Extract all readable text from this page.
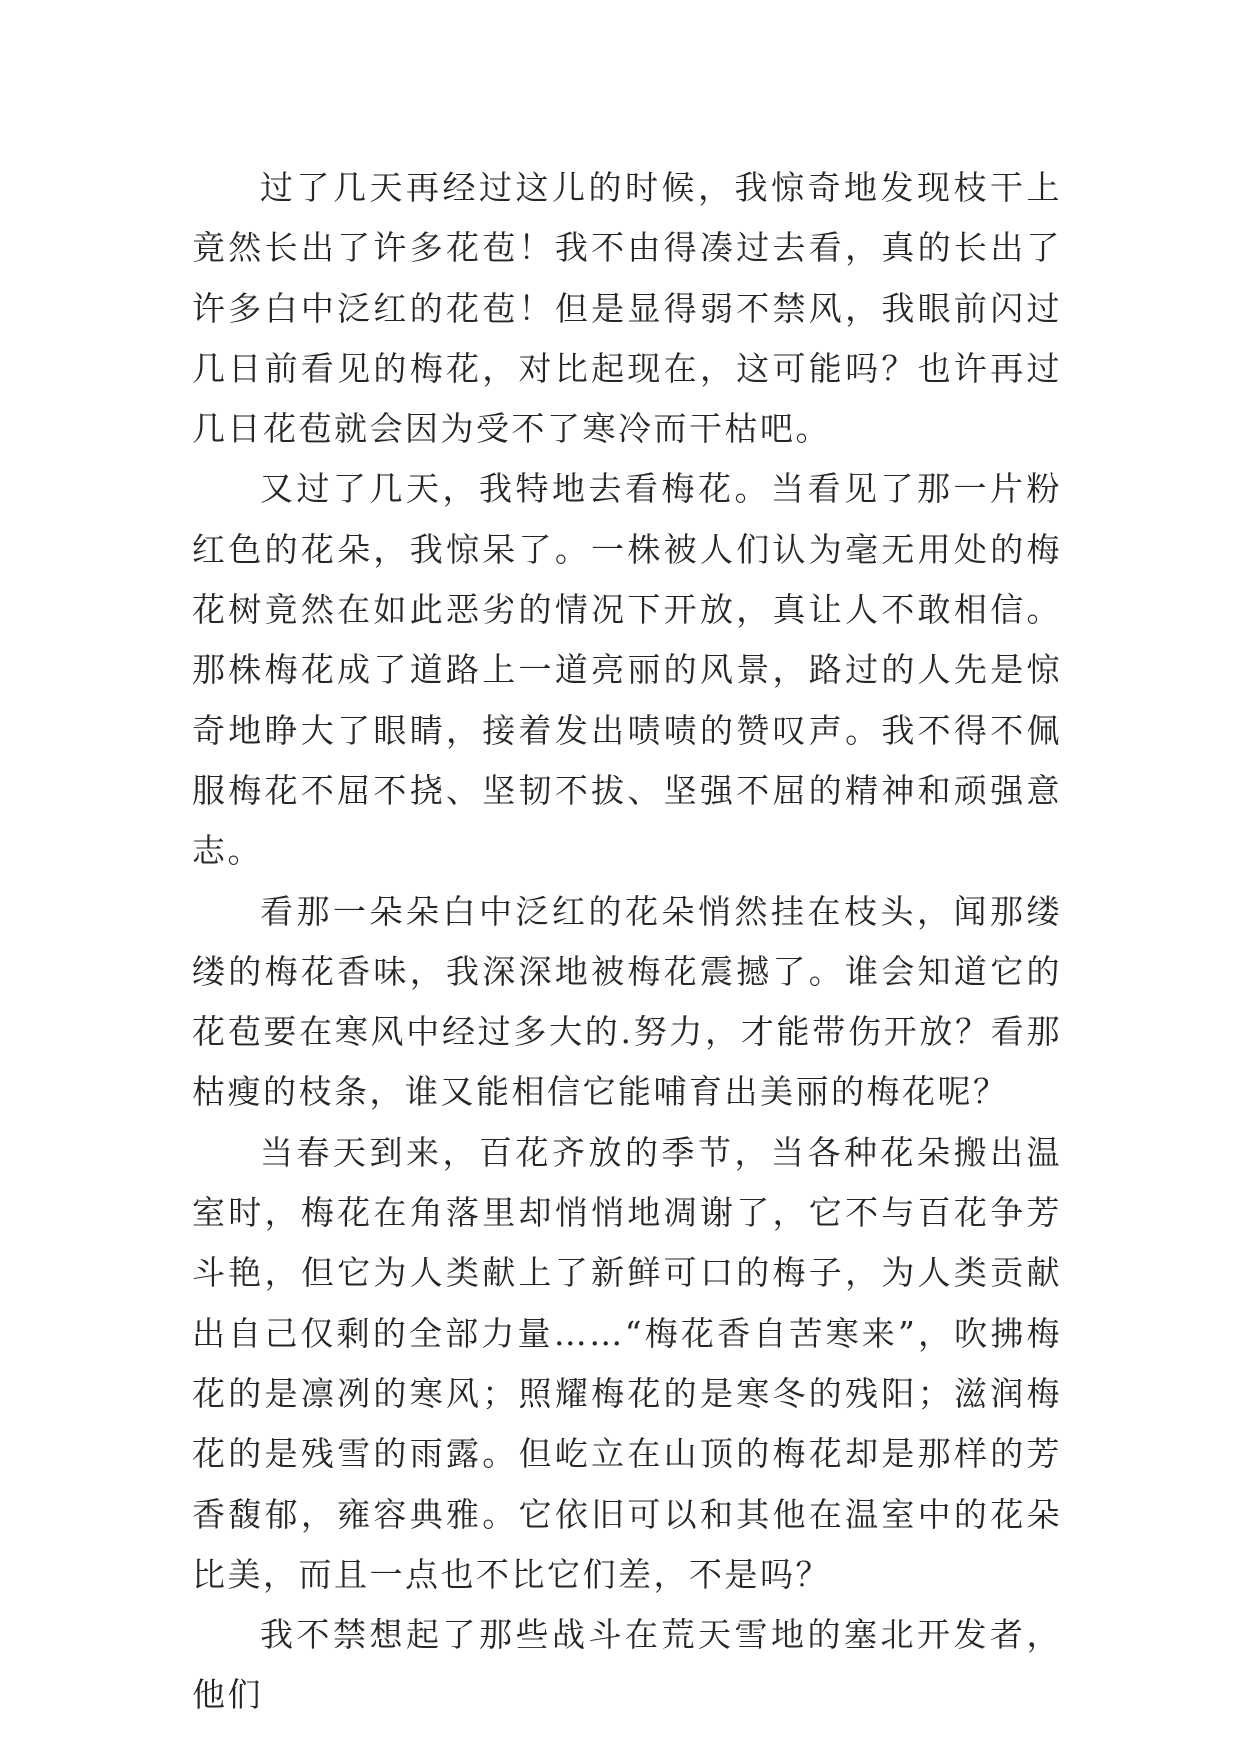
过了几天再经过这儿的时候，我惊奇地发现枝干上竟然长出了许多花苞！我不由得凑过去看，真的长出了许多白中泛红的花苞！但是显得弱不禁风，我眼前闪过几日前看见的梅花，对比起现在，这可能吗？也许再过几日花苞就会因为受不了寒冷而干枯吧。

又过了几天，我特地去看梅花。当看见了那一片粉红色的花朵，我惊呆了。一株被人们认为毫无用处的梅花树竟然在如此恶劣的情况下开放，真让人不敢相信。那株梅花成了道路上一道亮丽的风景，路过的人先是惊奇地睁大了眼睛，接着发出啧啧的赞叹声。我不得不佩服梅花不屈不挠、坚韧不拔、坚强不屈的精神和顽强意志。

看那一朵朵白中泛红的花朵悄然挂在枝头，闻那缕缕的梅花香味，我深深地被梅花震撼了。谁会知道它的花苞要在寒风中经过多大的.努力，才能带伤开放？看那枯瘦的枝条，谁又能相信它能哺育出美丽的梅花呢？

当春天到来，百花齐放的季节，当各种花朵搬出温室时，梅花在角落里却悄悄地凋谢了，它不与百花争芳斗艳，但它为人类献上了新鲜可口的梅子，为人类贡献出自己仅剩的全部力量……“梅花香自苦寒来”，吹拂梅花的是凛冽的寒风；照耀梅花的是寒冬的残阳；滋润梅花的是残雪的雨露。但屹立在山顶的梅花却是那样的芳香馥郁，雍容典雅。它依旧可以和其他在温室中的花朵比美，而且一点也不比它们差，不是吗？

我不禁想起了那些战斗在荒天雪地的塞北开发者，他们
